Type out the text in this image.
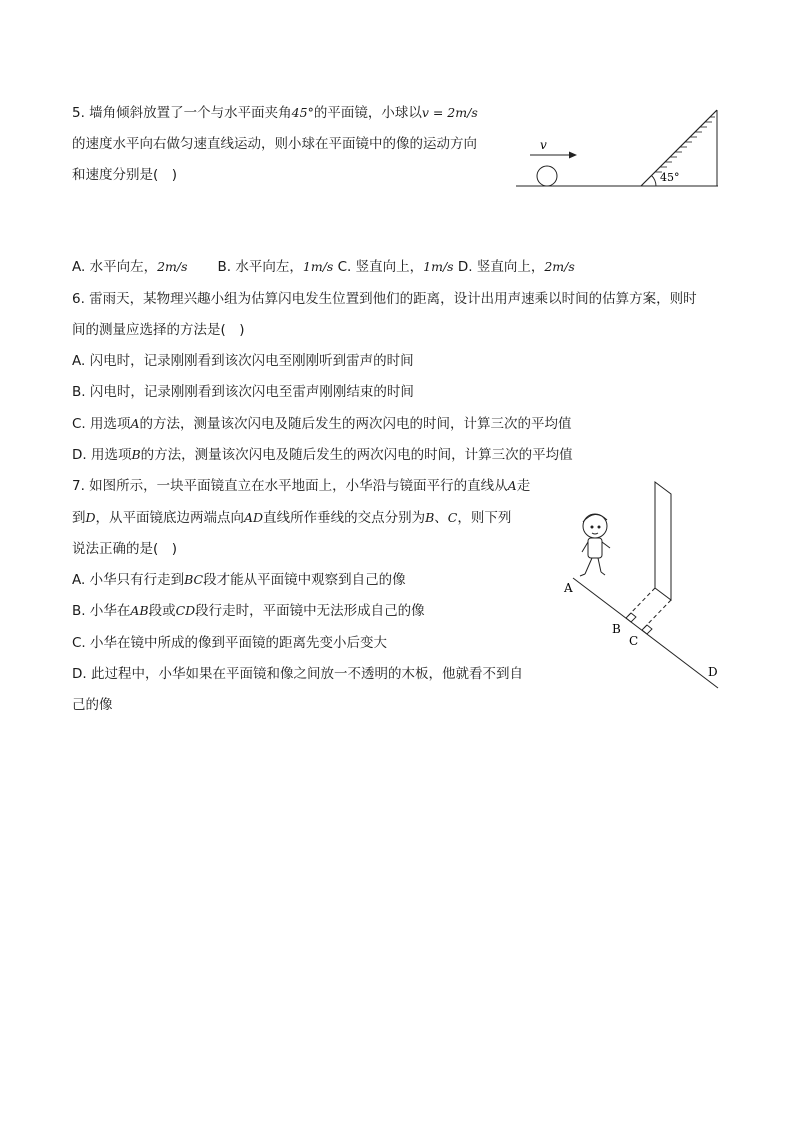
5. 墙角倾斜放置了一个与水平面夹角45°的平面镜，小球以v = 2m/s
的速度水平向右做匀速直线运动，则小球在平面镜中的像的运动方向
和速度分别是(　)
v
45°
A. 水平向左，2m/s B. 水平向左，1m/s C. 竖直向上，1m/s D. 竖直向上，2m/s
6. 雷雨天，某物理兴趣小组为估算闪电发生位置到他们的距离，设计出用声速乘以时间的估算方案，则时
间的测量应选择的方法是(　)
A. 闪电时，记录刚刚看到该次闪电至刚刚听到雷声的时间
B. 闪电时，记录刚刚看到该次闪电至雷声刚刚结束的时间
C. 用选项A的方法，测量该次闪电及随后发生的两次闪电的时间，计算三次的平均值
D. 用选项B的方法，测量该次闪电及随后发生的两次闪电的时间，计算三次的平均值
7. 如图所示，一块平面镜直立在水平地面上，小华沿与镜面平行的直线从A走
到D，从平面镜底边两端点向AD直线所作垂线的交点分别为B、C，则下列
说法正确的是(　)
A. 小华只有行走到BC段才能从平面镜中观察到自己的像
B. 小华在AB段或CD段行走时，平面镜中无法形成自己的像
C. 小华在镜中所成的像到平面镜的距离先变小后变大
D. 此过程中，小华如果在平面镜和像之间放一不透明的木板，他就看不到自
己的像
A
B
C
D
